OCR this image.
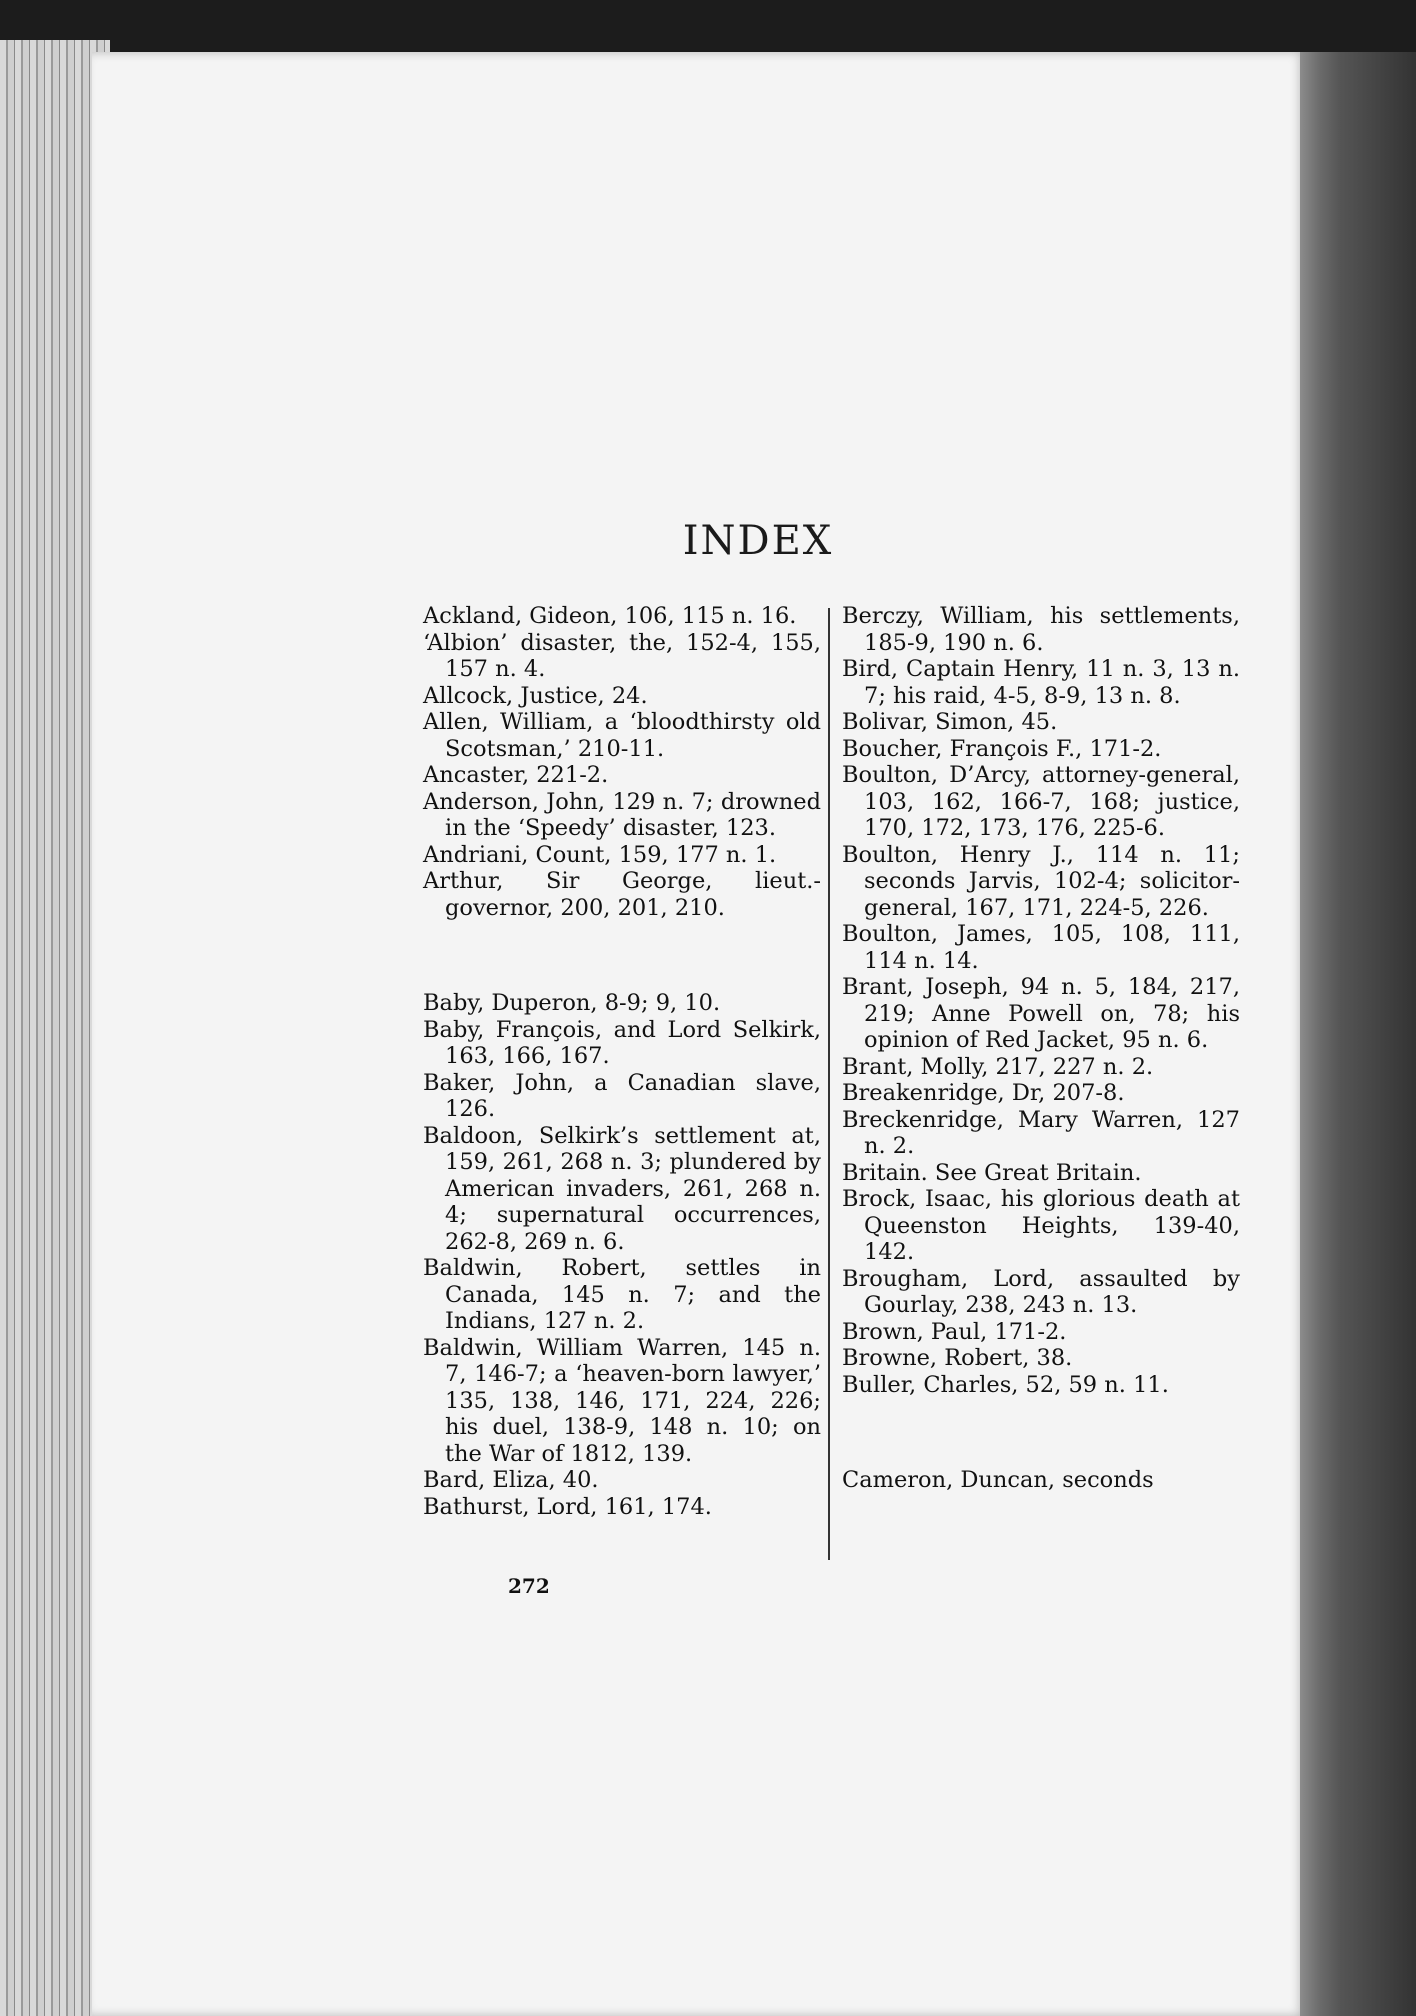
INDEX

Ackland, Gideon, 106, 115 n. 16.

‘Albion’ disaster, the, 152-4, 155, 157 n. 4.

Allcock, Justice, 24.

Allen, William, a ‘bloodthirsty old Scotsman,’ 210-11.

Ancaster, 221-2.

Anderson, John, 129 n. 7; drowned in the ‘Speedy’ disaster, 123.

Andriani, Count, 159, 177 n. 1.

Arthur, Sir George, lieut.-governor, 200, 201, 210.

Baby, Duperon, 8-9; 9, 10.

Baby, François, and Lord Selkirk, 163, 166, 167.

Baker, John, a Canadian slave, 126.

Baldoon, Selkirk’s settlement at, 159, 261, 268 n. 3; plundered by American invaders, 261, 268 n. 4; supernatural occurrences, 262-8, 269 n. 6.

Baldwin, Robert, settles in Canada, 145 n. 7; and the Indians, 127 n. 2.

Baldwin, William Warren, 145 n. 7, 146-7; a ‘heaven-born lawyer,’ 135, 138, 146, 171, 224, 226; his duel, 138-9, 148 n. 10; on the War of 1812, 139.

Bard, Eliza, 40.

Bathurst, Lord, 161, 174.

Berczy, William, his settlements, 185-9, 190 n. 6.

Bird, Captain Henry, 11 n. 3, 13 n. 7; his raid, 4-5, 8-9, 13 n. 8.

Bolivar, Simon, 45.

Boucher, François F., 171-2.

Boulton, D’Arcy, attorney-general, 103, 162, 166-7, 168; justice, 170, 172, 173, 176, 225-6.

Boulton, Henry J., 114 n. 11; seconds Jarvis, 102-4; solicitor-general, 167, 171, 224-5, 226.

Boulton, James, 105, 108, 111, 114 n. 14.

Brant, Joseph, 94 n. 5, 184, 217, 219; Anne Powell on, 78; his opinion of Red Jacket, 95 n. 6.

Brant, Molly, 217, 227 n. 2.

Breakenridge, Dr, 207-8.

Breckenridge, Mary Warren, 127 n. 2.

Britain. See Great Britain.

Brock, Isaac, his glorious death at Queenston Heights, 139-40, 142.

Brougham, Lord, assaulted by Gourlay, 238, 243 n. 13.

Brown, Paul, 171-2.

Browne, Robert, 38.

Buller, Charles, 52, 59 n. 11.

Cameron, Duncan, seconds

272
